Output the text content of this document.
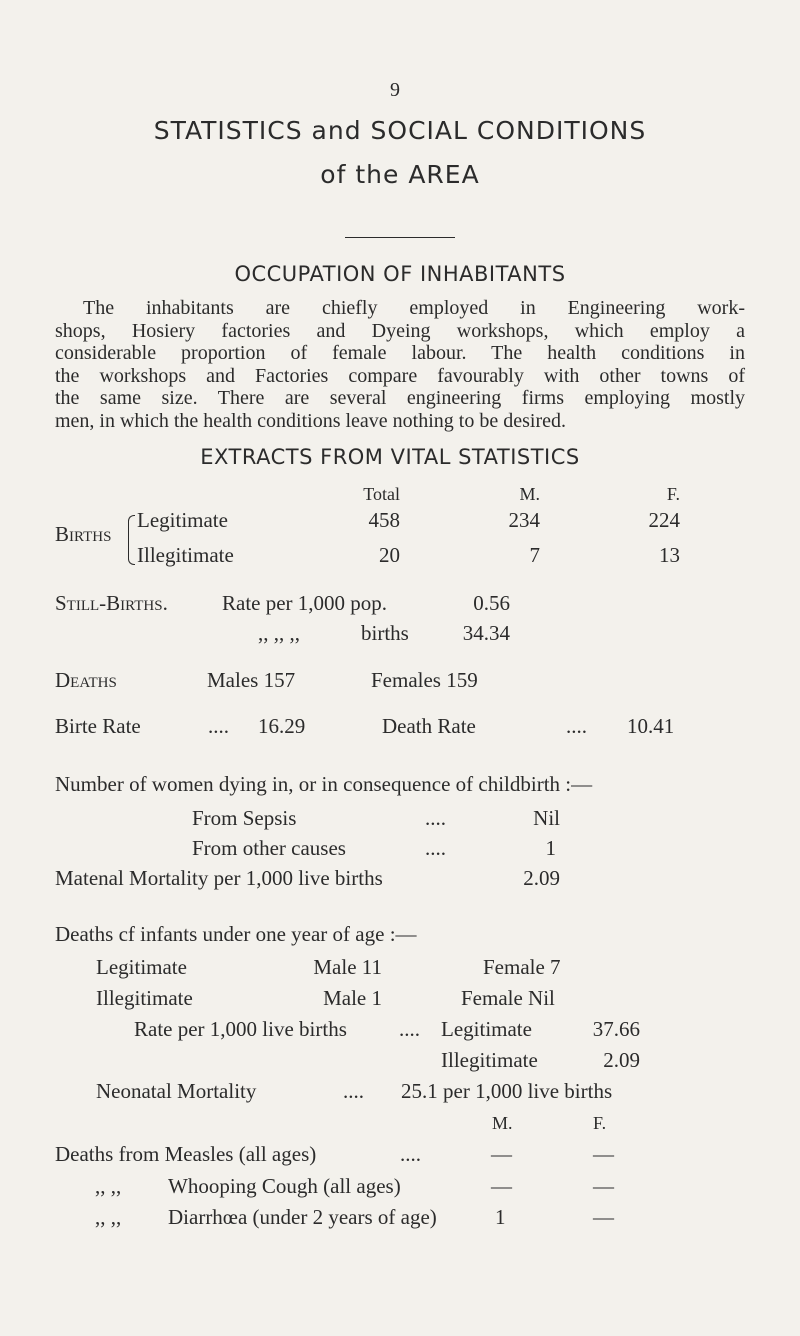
9
STATISTICS and SOCIAL CONDITIONS
of the AREA
OCCUPATION OF INHABITANTS
The inhabitants are chiefly employed in Engineering work-
shops, Hosiery factories and Dyeing workshops, which employ a
considerable proportion of female labour. The health conditions in
the workshops and Factories compare favourably with other towns of
the same size. There are several engineering firms employing mostly
men, in which the health conditions leave nothing to be desired.
EXTRACTS FROM VITAL STATISTICS
Total	M.	F.
Births
Legitimate	458	234	224
Illegitimate	20	7	13
Still-Births.	Rate per 1,000 pop.	0.56
,, ,, ,,	births	34.34
Deaths	Males 157	Females 159
Birte Rate	.... 16.29	Death Rate	.... 10.41
Number of women dying in, or in consequence of childbirth :—
From Sepsis	....	Nil
From other causes	....	1
Matenal Mortality per 1,000 live births	2.09
Deaths cf infants under one year of age :—
Legitimate	Male 11	Female 7
Illegitimate	Male 1	Female Nil
Rate per 1,000 live births .... Legitimate	37.66
Illegitimate	2.09
Neonatal Mortality	.... 25.1 per 1,000 live births
M.	F.
Deaths from Measles (all ages)	....	—	—
,, ,, Whooping Cough (all ages)	—	—
,, ,, Diarrhœa (under 2 years of age)	1	—
